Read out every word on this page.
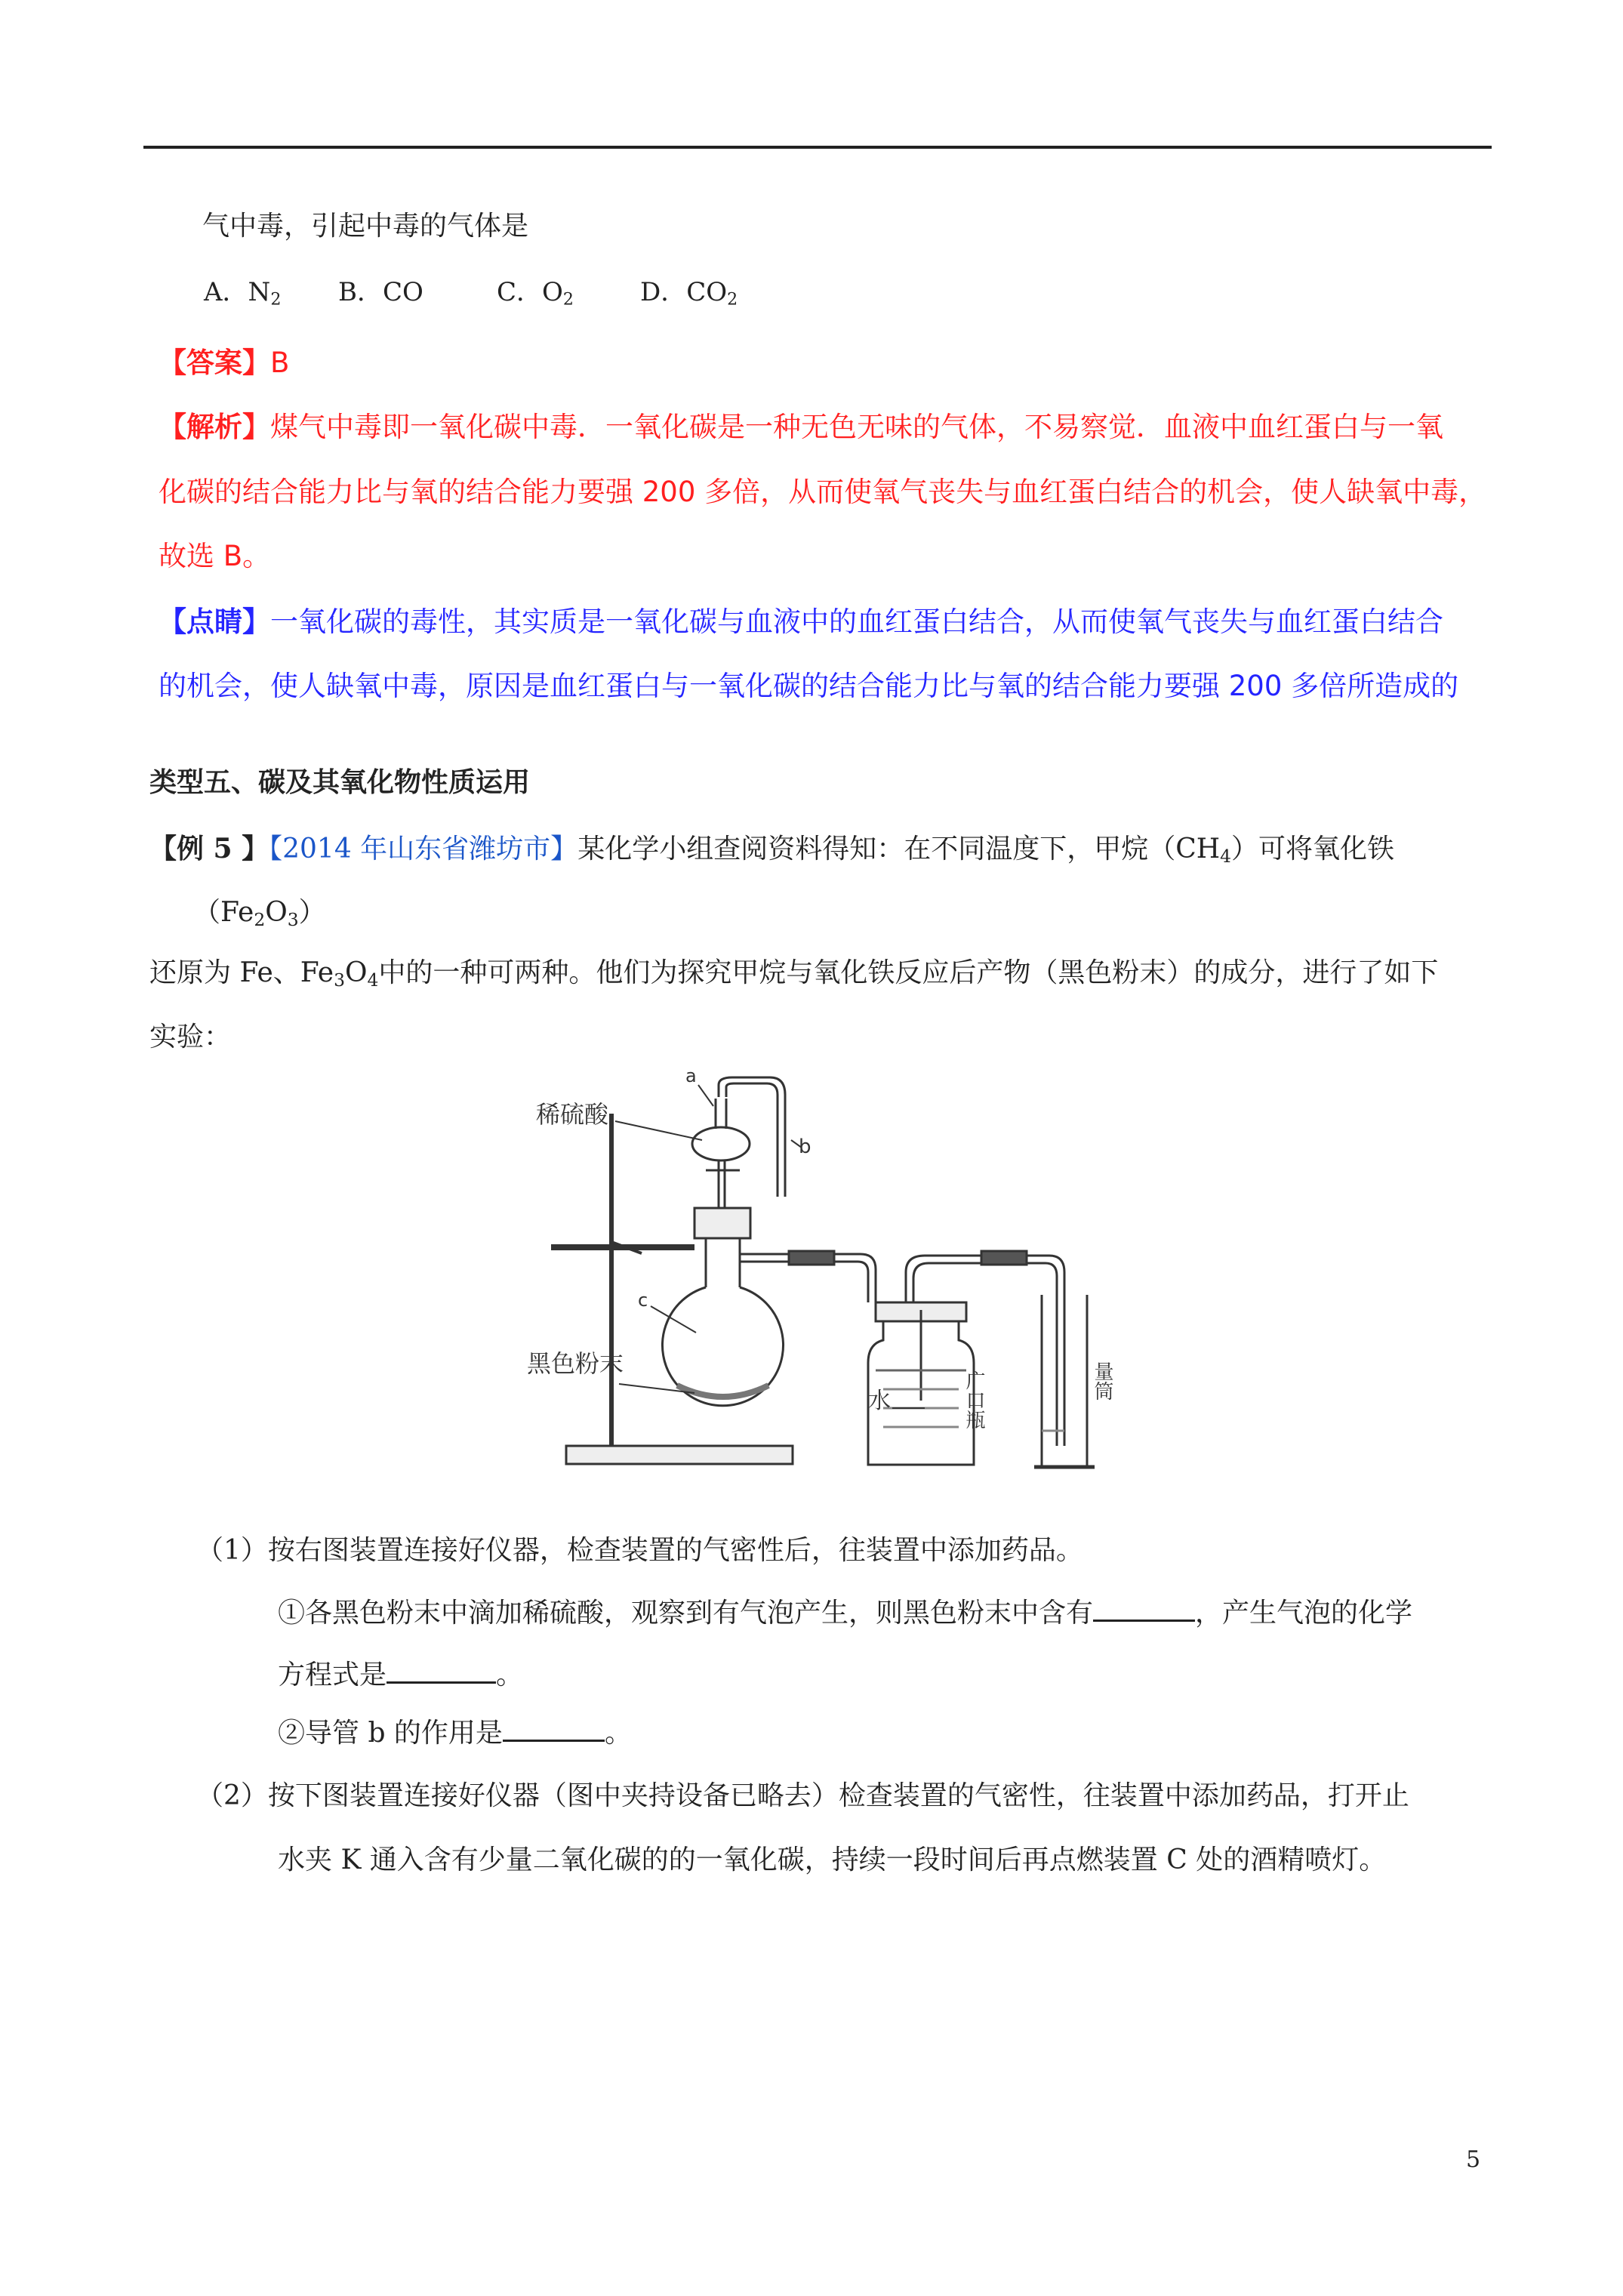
气中毒，引起中毒的气体是
A．$N_2$ B．CO	C．$O_2$	D．$CO_2$
【答案】B
【解析】煤气中毒即一氧化碳中毒．一氧化碳是一种无色无味的气体，不易察觉．血液中血红蛋白与一氧
化碳的结合能力比与氧的结合能力要强 200 多倍，从而使氧气丧失与血红蛋白结合的机会，使人缺氧中毒，
故选 B。
【点睛】一氧化碳的毒性，其实质是一氧化碳与血液中的血红蛋白结合，从而使氧气丧失与血红蛋白结合
的机会，使人缺氧中毒，原因是血红蛋白与一氧化碳的结合能力比与氧的结合能力要强 200 多倍所造成的
类型五、碳及其氧化物性质运用
【例 5 】【2014 年山东省潍坊市】某化学小组查阅资料得知：在不同温度下，甲烷$(CH_4)$可将氧化铁
$(Fe_2O_3)$
还原为 Fe、$Fe_3O_4$中的一种可两种。他们为探究甲烷与氧化铁反应后产物（黑色粉末）的成分，进行了如下
实验：
稀硫酸
a
b
c
黑色粉末
水	广口瓶	量筒
（1）按右图装置连接好仪器，检查装置的气密性后，往装置中添加药品。
①各黑色粉末中滴加稀硫酸，观察到有气泡产生，则黑色粉末中含有	，产生气泡的化学
方程式是	。
②导管 b 的作用是	。
（2）按下图装置连接好仪器（图中夹持设备已略去）检查装置的气密性，往装置中添加药品，打开止
水夹 K 通入含有少量二氧化碳的的一氧化碳，持续一段时间后再点燃装置 C 处的酒精喷灯。
5
